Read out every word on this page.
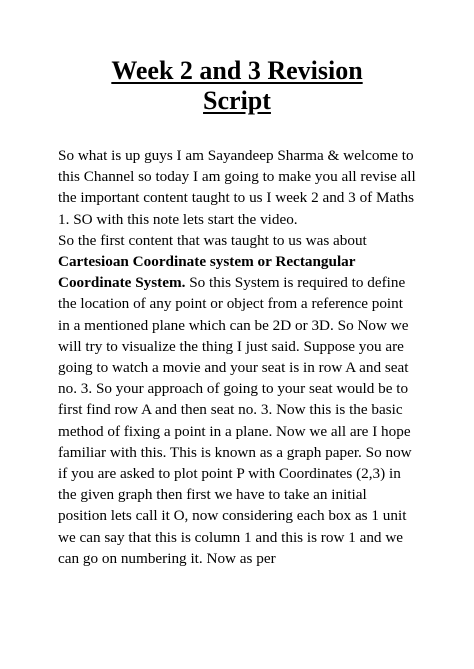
Week 2 and 3 Revision
Script

So what is up guys I am Sayandeep Sharma & welcome to this Channel so today I am going to make you all revise all the important content taught to us I week 2 and 3 of Maths 1. SO with this note lets start the video.

So the first content that was taught to us was about Cartesioan Coordinate system or Rectangular Coordinate System. So this System is required to define the location of any point or object from a reference point in a mentioned plane which can be 2D or 3D. So Now we will try to visualize the thing I just said. Suppose you are going to watch a movie and your seat is in row A and seat no. 3. So your approach of going to your seat would be to first find row A and then seat no. 3. Now this is the basic method of fixing a point in a plane. Now we all are I hope familiar with this. This is known as a graph paper. So now if you are asked to plot point P with Coordinates (2,3) in the given graph then first we have to take an initial position lets call it O, now considering each box as 1 unit we can say that this is column 1 and this is row 1 and we can go on numbering it. Now as per
